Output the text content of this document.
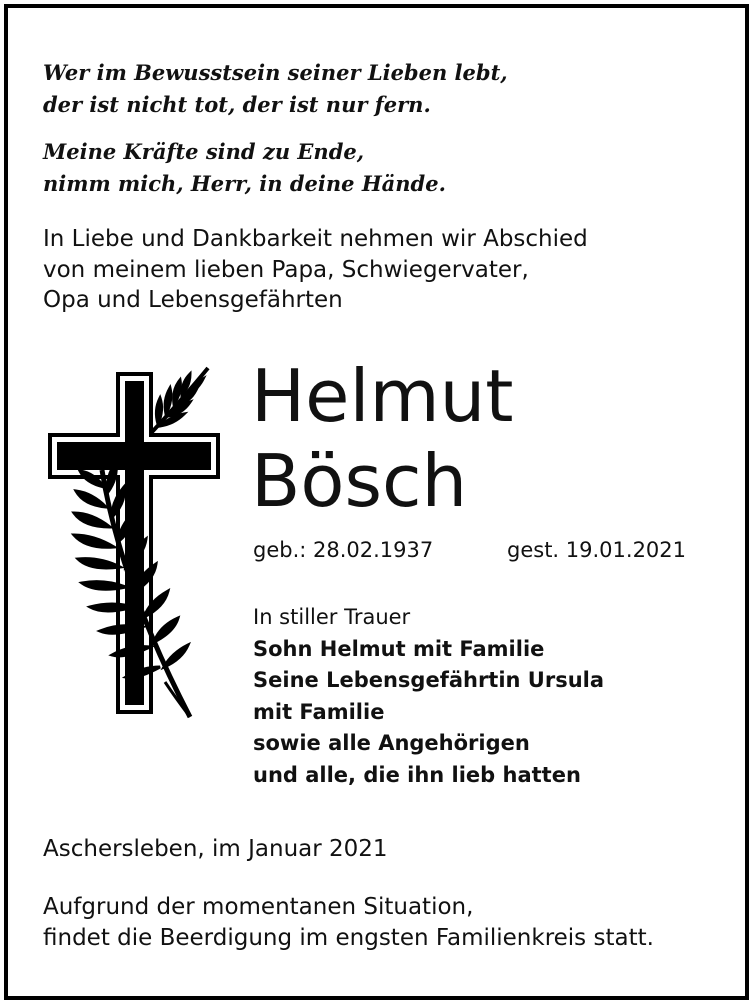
Wer im Bewusstsein seiner Lieben lebt,
der ist nicht tot, der ist nur fern.
Meine Kräfte sind zu Ende,
nimm mich, Herr, in deine Hände.
In Liebe und Dankbarkeit nehmen wir Abschied
von meinem lieben Papa, Schwiegervater,
Opa und Lebensgefährten
Helmut
Bösch
geb.: 28.02.1937	gest. 19.01.2021
In stiller Trauer
Sohn Helmut mit Familie
Seine Lebensgefährtin Ursula
mit Familie
sowie alle Angehörigen
und alle, die ihn lieb hatten
Aschersleben, im Januar 2021
Aufgrund der momentanen Situation,
findet die Beerdigung im engsten Familienkreis statt.
